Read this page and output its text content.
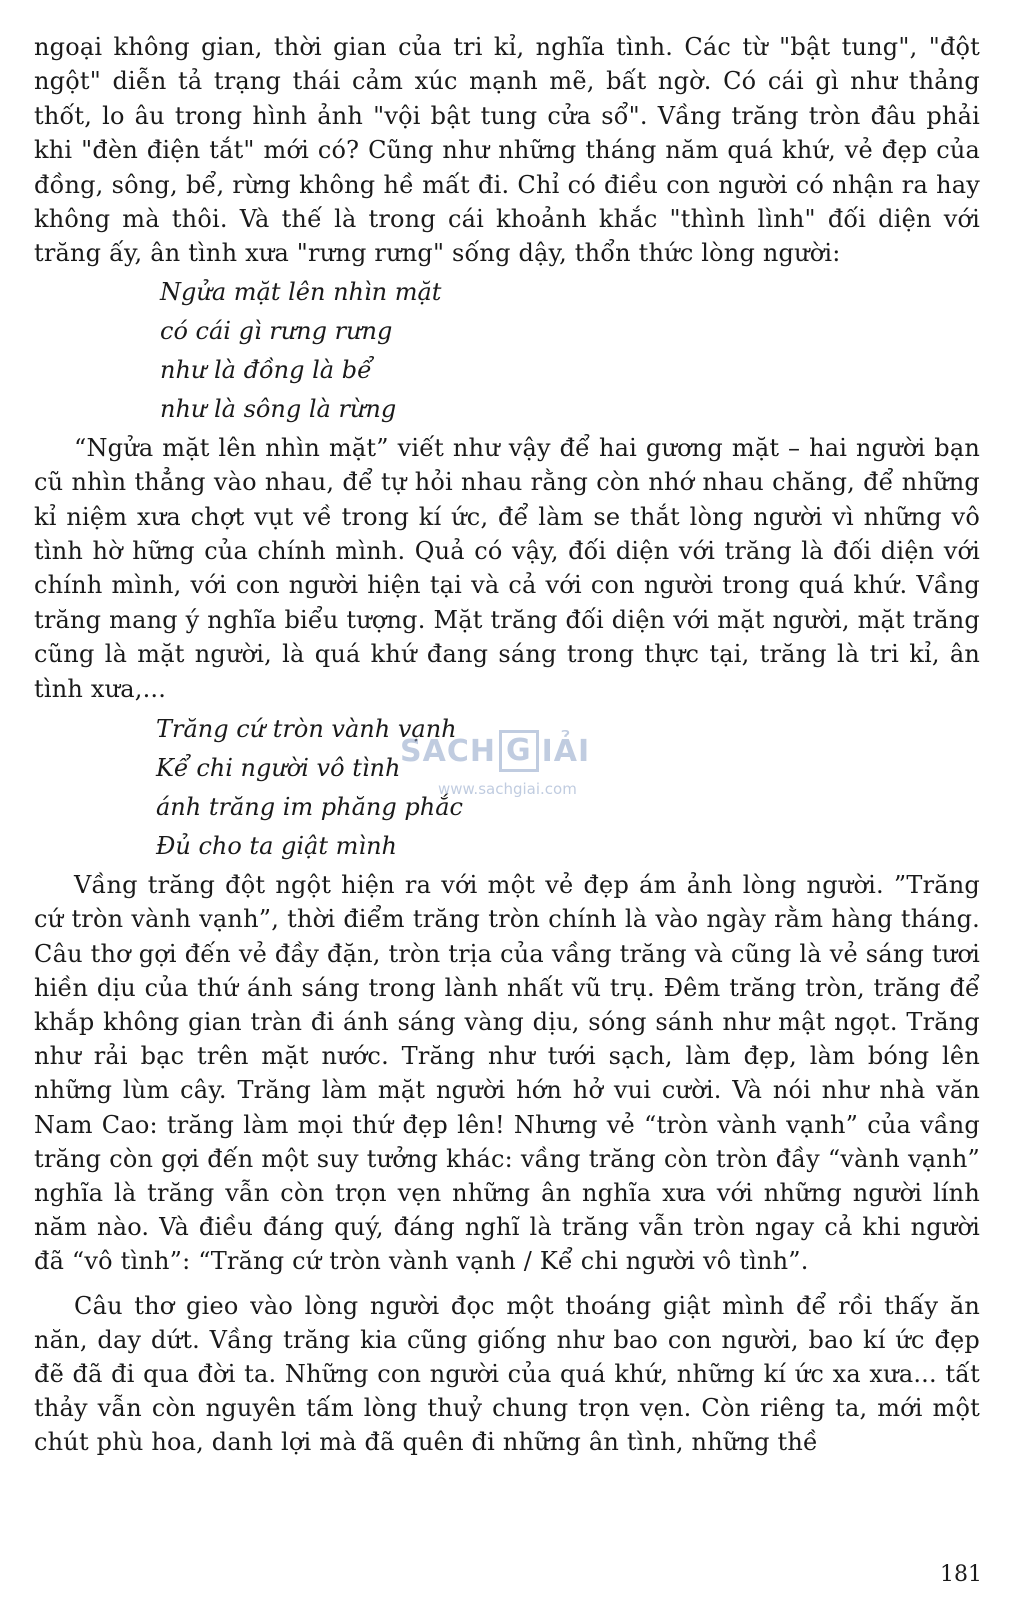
ngoại không gian, thời gian của tri kỉ, nghĩa tình. Các từ "bật tung", "đột ngột" diễn tả trạng thái cảm xúc mạnh mẽ, bất ngờ. Có cái gì như thảng thốt, lo âu trong hình ảnh "vội bật tung cửa sổ". Vầng trăng tròn đâu phải khi "đèn điện tắt" mới có? Cũng như những tháng năm quá khứ, vẻ đẹp của đồng, sông, bể, rừng không hề mất đi. Chỉ có điều con người có nhận ra hay không mà thôi. Và thế là trong cái khoảnh khắc "thình lình" đối diện với trăng ấy, ân tình xưa "rưng rưng" sống dậy, thổn thức lòng người:

Ngửa mặt lên nhìn mặt
có cái gì rưng rưng
như là đồng là bể
như là sông là rừng

“Ngửa mặt lên nhìn mặt” viết như vậy để hai gương mặt – hai người bạn cũ nhìn thẳng vào nhau, để tự hỏi nhau rằng còn nhớ nhau chăng, để những kỉ niệm xưa chợt vụt về trong kí ức, để làm se thắt lòng người vì những vô tình hờ hững của chính mình. Quả có vậy, đối diện với trăng là đối diện với chính mình, với con người hiện tại và cả với con người trong quá khứ. Vầng trăng mang ý nghĩa biểu tượng. Mặt trăng đối diện với mặt người, mặt trăng cũng là mặt người, là quá khứ đang sáng trong thực tại, trăng là tri kỉ, ân tình xưa,...

Trăng cứ tròn vành vạnh
Kể chi người vô tình
ánh trăng im phăng phắc
Đủ cho ta giật mình

Vầng trăng đột ngột hiện ra với một vẻ đẹp ám ảnh lòng người. ”Trăng cứ tròn vành vạnh”, thời điểm trăng tròn chính là vào ngày rằm hàng tháng. Câu thơ gợi đến vẻ đầy đặn, tròn trịa của vầng trăng và cũng là vẻ sáng tươi hiền dịu của thứ ánh sáng trong lành nhất vũ trụ. Đêm trăng tròn, trăng để khắp không gian tràn đi ánh sáng vàng dịu, sóng sánh như mật ngọt. Trăng như rải bạc trên mặt nước. Trăng như tưới sạch, làm đẹp, làm bóng lên những lùm cây. Trăng làm mặt người hớn hở vui cười. Và nói như nhà văn Nam Cao: trăng làm mọi thứ đẹp lên! Nhưng vẻ “tròn vành vạnh” của vầng trăng còn gợi đến một suy tưởng khác: vầng trăng còn tròn đầy “vành vạnh” nghĩa là trăng vẫn còn trọn vẹn những ân nghĩa xưa với những người lính năm nào. Và điều đáng quý, đáng nghĩ là trăng vẫn tròn ngay cả khi người đã “vô tình”: “Trăng cứ tròn vành vạnh / Kể chi người vô tình”.

Câu thơ gieo vào lòng người đọc một thoáng giật mình để rồi thấy ăn năn, day dứt. Vầng trăng kia cũng giống như bao con người, bao kí ức đẹp đẽ đã đi qua đời ta. Những con người của quá khứ, những kí ức xa xưa... tất thảy vẫn còn nguyên tấm lòng thuỷ chung trọn vẹn. Còn riêng ta, mới một chút phù hoa, danh lợi mà đã quên đi những ân tình, những thề

SACH G IẢI
www.sachgiai.com
181
